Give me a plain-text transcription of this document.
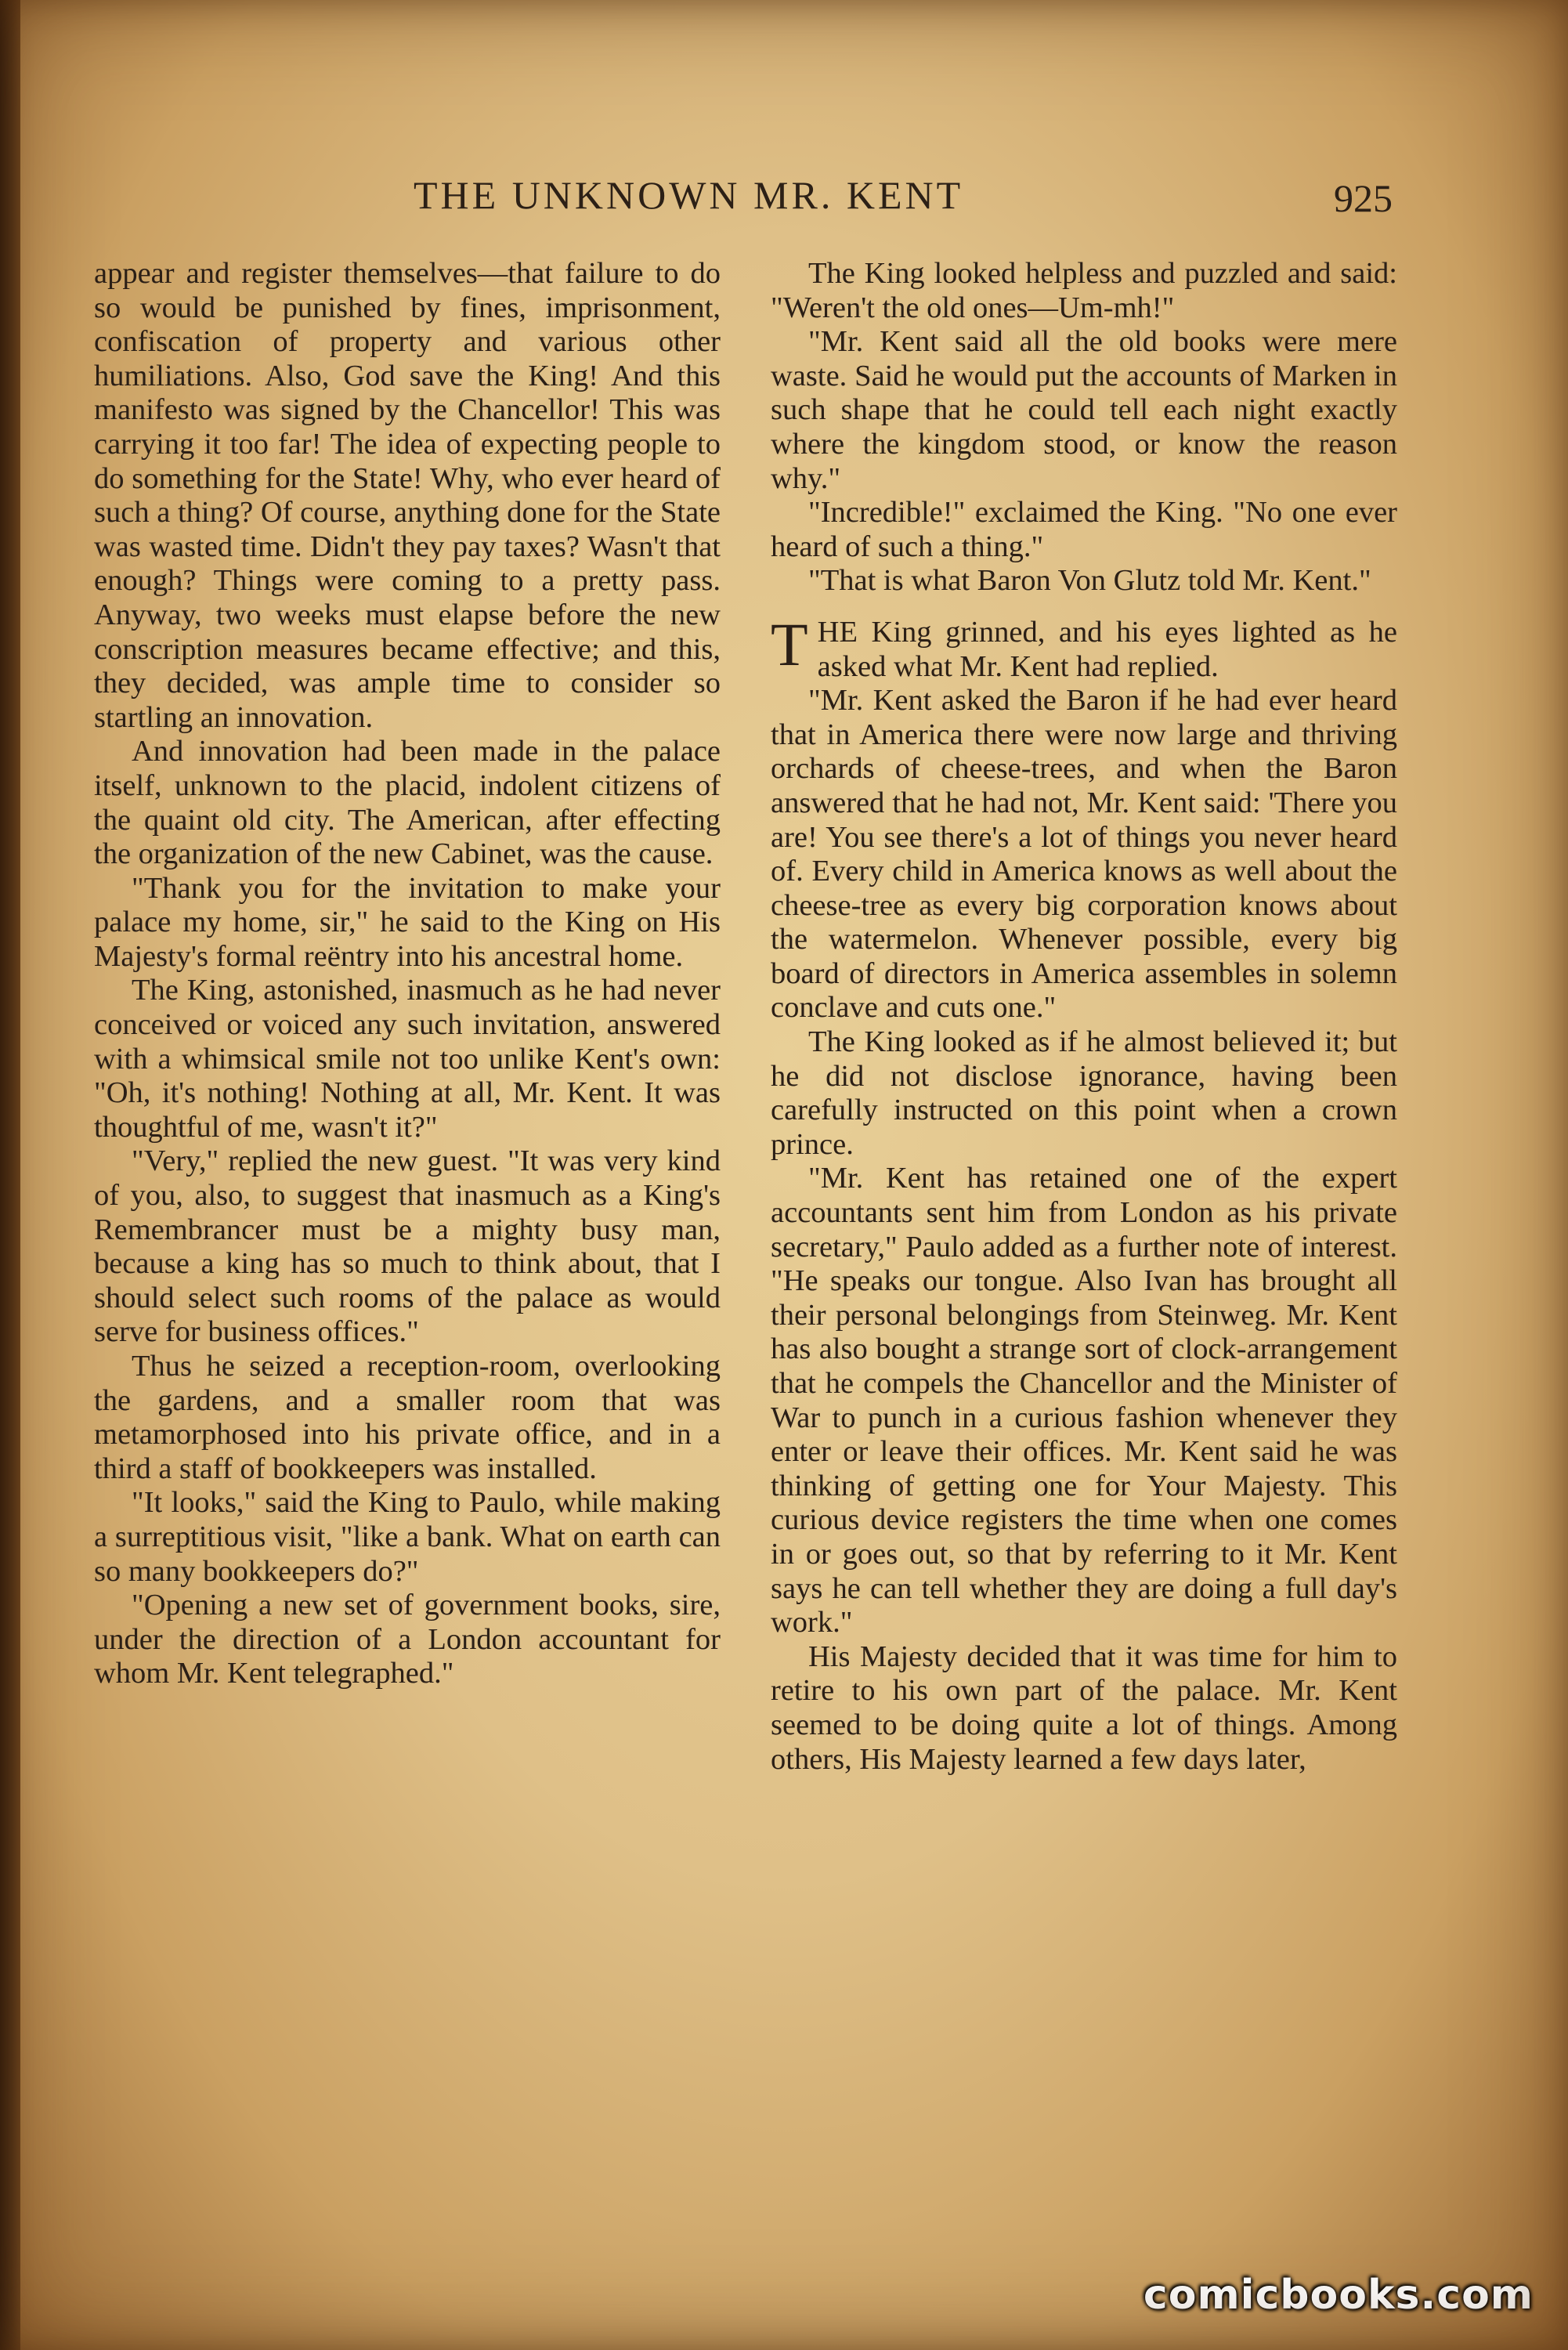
THE UNKNOWN MR. KENT	925

appear and register themselves—that failure to do so would be punished by fines, imprisonment, confiscation of property and various other humiliations. Also, God save the King! And this manifesto was signed by the Chancellor! This was carrying it too far! The idea of expecting people to do something for the State! Why, who ever heard of such a thing? Of course, anything done for the State was wasted time. Didn't they pay taxes? Wasn't that enough? Things were coming to a pretty pass. Anyway, two weeks must elapse before the new conscription measures became effective; and this, they decided, was ample time to consider so startling an innovation.

And innovation had been made in the palace itself, unknown to the placid, indolent citizens of the quaint old city. The American, after effecting the organization of the new Cabinet, was the cause.

"Thank you for the invitation to make your palace my home, sir," he said to the King on His Majesty's formal reëntry into his ancestral home.

The King, astonished, inasmuch as he had never conceived or voiced any such invitation, answered with a whimsical smile not too unlike Kent's own: "Oh, it's nothing! Nothing at all, Mr. Kent. It was thoughtful of me, wasn't it?"

"Very," replied the new guest. "It was very kind of you, also, to suggest that inasmuch as a King's Remembrancer must be a mighty busy man, because a king has so much to think about, that I should select such rooms of the palace as would serve for business offices."

Thus he seized a reception-room, overlooking the gardens, and a smaller room that was metamorphosed into his private office, and in a third a staff of bookkeepers was installed.

"It looks," said the King to Paulo, while making a surreptitious visit, "like a bank. What on earth can so many bookkeepers do?"

"Opening a new set of government books, sire, under the direction of a London accountant for whom Mr. Kent telegraphed."

The King looked helpless and puzzled and said: "Weren't the old ones—Um-mh!"

"Mr. Kent said all the old books were mere waste. Said he would put the accounts of Marken in such shape that he could tell each night exactly where the kingdom stood, or know the reason why."

"Incredible!" exclaimed the King. "No one ever heard of such a thing."

"That is what Baron Von Glutz told Mr. Kent."

THE King grinned, and his eyes lighted as he asked what Mr. Kent had replied.

"Mr. Kent asked the Baron if he had ever heard that in America there were now large and thriving orchards of cheese-trees, and when the Baron answered that he had not, Mr. Kent said: 'There you are! You see there's a lot of things you never heard of. Every child in America knows as well about the cheese-tree as every big corporation knows about the watermelon. Whenever possible, every big board of directors in America assembles in solemn conclave and cuts one."

The King looked as if he almost believed it; but he did not disclose ignorance, having been carefully instructed on this point when a crown prince.

"Mr. Kent has retained one of the expert accountants sent him from London as his private secretary," Paulo added as a further note of interest. "He speaks our tongue. Also Ivan has brought all their personal belongings from Steinweg. Mr. Kent has also bought a strange sort of clock-arrangement that he compels the Chancellor and the Minister of War to punch in a curious fashion whenever they enter or leave their offices. Mr. Kent said he was thinking of getting one for Your Majesty. This curious device registers the time when one comes in or goes out, so that by referring to it Mr. Kent says he can tell whether they are doing a full day's work."

His Majesty decided that it was time for him to retire to his own part of the palace. Mr. Kent seemed to be doing quite a lot of things. Among others, His Majesty learned a few days later,

comicbooks.com
